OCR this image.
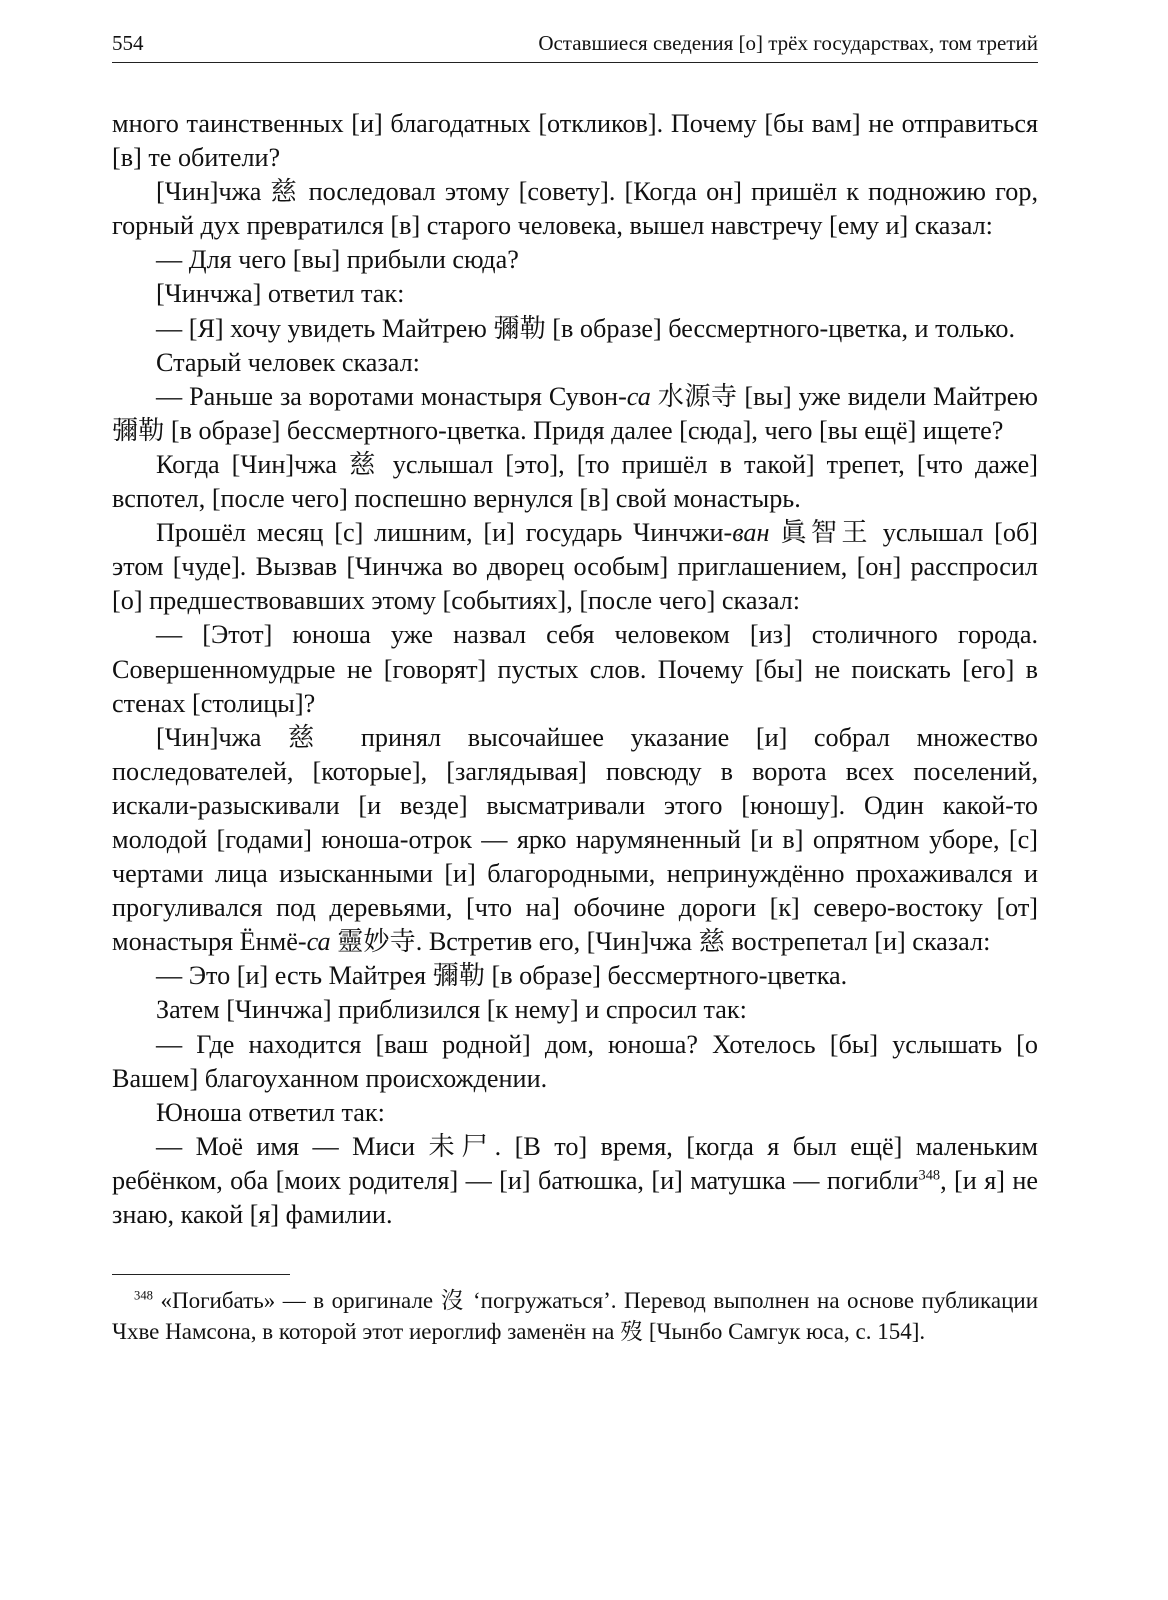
554	Оставшиеся сведения [о] трёх государствах, том третий

много таинственных [и] благодатных [откликов]. Почему [бы вам] не отправиться [в] те обители?

[Чин]чжа 慈 последовал этому [совету]. [Когда он] пришёл к подножию гор, горный дух превратился [в] старого человека, вышел навстречу [ему и] сказал:

— Для чего [вы] прибыли сюда?

[Чинчжа] ответил так:

— [Я] хочу увидеть Майтрею 彌勒 [в образе] бессмертного-цветка, и только.

Старый человек сказал:

— Раньше за воротами монастыря Сувон-са 水源寺 [вы] уже видели Майтрею 彌勒 [в образе] бессмертного-цветка. Придя далее [сюда], чего [вы ещё] ищете?

Когда [Чин]чжа 慈 услышал [это], [то пришёл в такой] трепет, [что даже] вспотел, [после чего] поспешно вернулся [в] свой монастырь.

Прошёл месяц [с] лишним, [и] государь Чинчжи-ван 眞智王 услышал [об] этом [чуде]. Вызвав [Чинчжа во дворец особым] приглашением, [он] расспросил [о] предшествовавших этому [событиях], [после чего] сказал:

— [Этот] юноша уже назвал себя человеком [из] столичного города. Совершенномудрые не [говорят] пустых слов. Почему [бы] не поискать [его] в стенах [столицы]?

[Чин]чжа 慈 принял высочайшее указание [и] собрал множество последователей, [которые], [заглядывая] повсюду в ворота всех поселений, искали-разыскивали [и везде] высматривали этого [юношу]. Один какой-то молодой [годами] юноша-отрок — ярко нарумяненный [и в] опрятном уборе, [с] чертами лица изысканными [и] благородными, непринуждённо прохаживался и прогуливался под деревьями, [что на] обочине дороги [к] северо-востоку [от] монастыря Ёнмё-са 靈妙寺. Встретив его, [Чин]чжа 慈 вострепетал [и] сказал:

— Это [и] есть Майтрея 彌勒 [в образе] бессмертного-цветка.

Затем [Чинчжа] приблизился [к нему] и спросил так:

— Где находится [ваш родной] дом, юноша? Хотелось [бы] услышать [о Вашем] благоуханном происхождении.

Юноша ответил так:

— Моё имя — Миси 未尸. [В то] время, [когда я был ещё] маленьким ребёнком, оба [моих родителя] — [и] батюшка, [и] матушка — погибли$^{348}$, [и я] не знаю, какой [я] фамилии.

$^{348}$ «Погибать» — в оригинале 沒 ‘погружаться’. Перевод выполнен на основе публикации Чхве Намсона, в которой этот иероглиф заменён на 歿 [Чынбо Самгук юса, с. 154].
